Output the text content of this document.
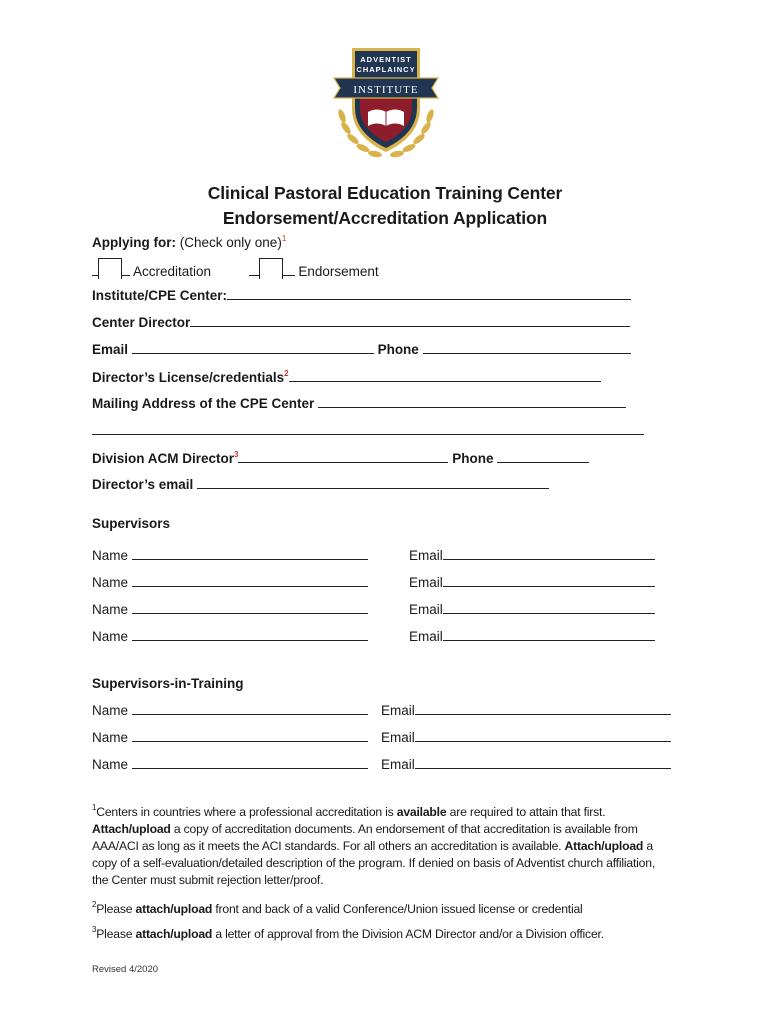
ADVENTIST
CHAPLAINCY
INSTITUTE
Clinical Pastoral Education Training Center
Endorsement/Accreditation Application
Applying for: (Check only one)$^1$
Accreditation	Endorsement
Institute/CPE Center:
Center Director
Email	Phone
Director’s License/credentials$^2$
Mailing Address of the CPE Center
Division ACM Director$^3$	Phone
Director’s email
Supervisors
Name	Email
Name	Email
Name	Email
Name	Email
Supervisors-in-Training
Name	Email
Name	Email
Name	Email
$^1$Centers in countries where a professional accreditation is available are required to attain that first.
Attach/upload a copy of accreditation documents. An endorsement of that accreditation is available from AAA/ACI as long as it meets the ACI standards. For all others an accreditation is available. Attach/upload a copy of a self-evaluation/detailed description of the program. If denied on basis of Adventist church affiliation, the Center must submit rejection letter/proof.
$^2$Please attach/upload front and back of a valid Conference/Union issued license or credential
$^3$Please attach/upload a letter of approval from the Division ACM Director and/or a Division officer.
Revised 4/2020
